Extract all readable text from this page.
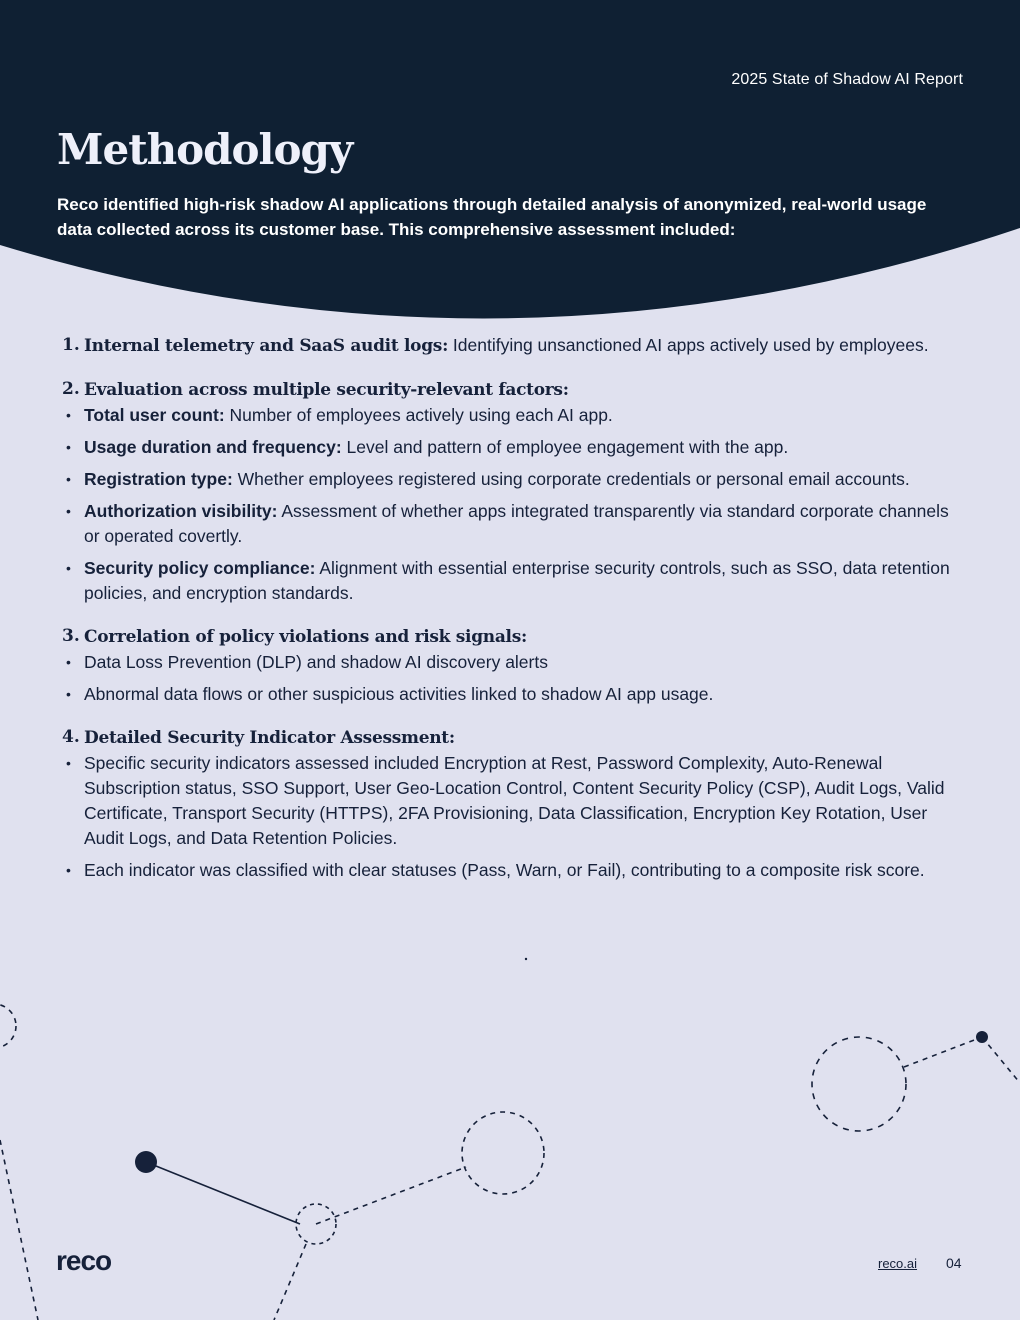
2025 State of Shadow AI Report
Methodology

Reco identified high-risk shadow AI applications through detailed analysis of anonymized, real-world usage data collected across its customer base. This comprehensive assessment included:

1. Internal telemetry and SaaS audit logs: Identifying unsanctioned AI apps actively used by employees.
2. Evaluation across multiple security-relevant factors:
• Total user count: Number of employees actively using each AI app.
• Usage duration and frequency: Level and pattern of employee engagement with the app.
• Registration type: Whether employees registered using corporate credentials or personal email accounts.
• Authorization visibility: Assessment of whether apps integrated transparently via standard corporate channels or operated covertly.
• Security policy compliance: Alignment with essential enterprise security controls, such as SSO, data retention policies, and encryption standards.
3. Correlation of policy violations and risk signals:
• Data Loss Prevention (DLP) and shadow AI discovery alerts
• Abnormal data flows or other suspicious activities linked to shadow AI app usage.
4. Detailed Security Indicator Assessment:
• Specific security indicators assessed included Encryption at Rest, Password Complexity, Auto-Renewal Subscription status, SSO Support, User Geo-Location Control, Content Security Policy (CSP), Audit Logs, Valid Certificate, Transport Security (HTTPS), 2FA Provisioning, Data Classification, Encryption Key Rotation, User Audit Logs, and Data Retention Policies.
• Each indicator was classified with clear statuses (Pass, Warn, or Fail), contributing to a composite risk score.
reco	reco.ai 04
